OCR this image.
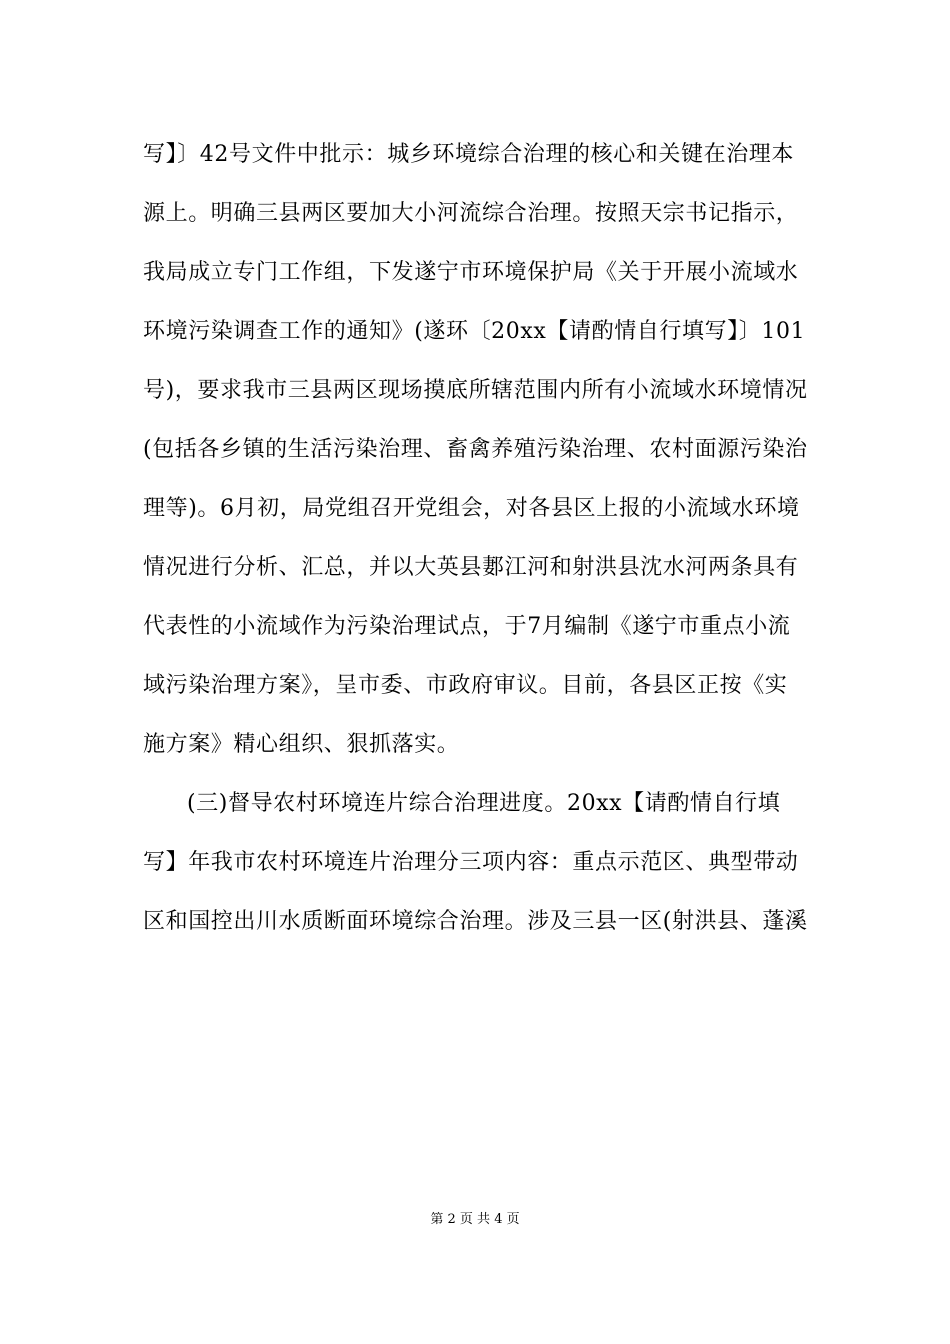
写】〕42号文件中批示：城乡环境综合治理的核心和关键在治理本
源上。明确三县两区要加大小河流综合治理。按照天宗书记指示，
我局成立专门工作组，下发遂宁市环境保护局《关于开展小流域水
环境污染调查工作的通知》(遂环〔20xx【请酌情自行填写】〕101
号)，要求我市三县两区现场摸底所辖范围内所有小流域水环境情况
(包括各乡镇的生活污染治理、畜禽养殖污染治理、农村面源污染治
理等)。6月初，局党组召开党组会，对各县区上报的小流域水环境
情况进行分析、汇总，并以大英县郪江河和射洪县沈水河两条具有
代表性的小流域作为污染治理试点，于7月编制《遂宁市重点小流
域污染治理方案》，呈市委、市政府审议。目前，各县区正按《实
施方案》精心组织、狠抓落实。
(三)督导农村环境连片综合治理进度。20xx【请酌情自行填
写】年我市农村环境连片治理分三项内容：重点示范区、典型带动
区和国控出川水质断面环境综合治理。涉及三县一区(射洪县、蓬溪

第 2 页 共 4 页
